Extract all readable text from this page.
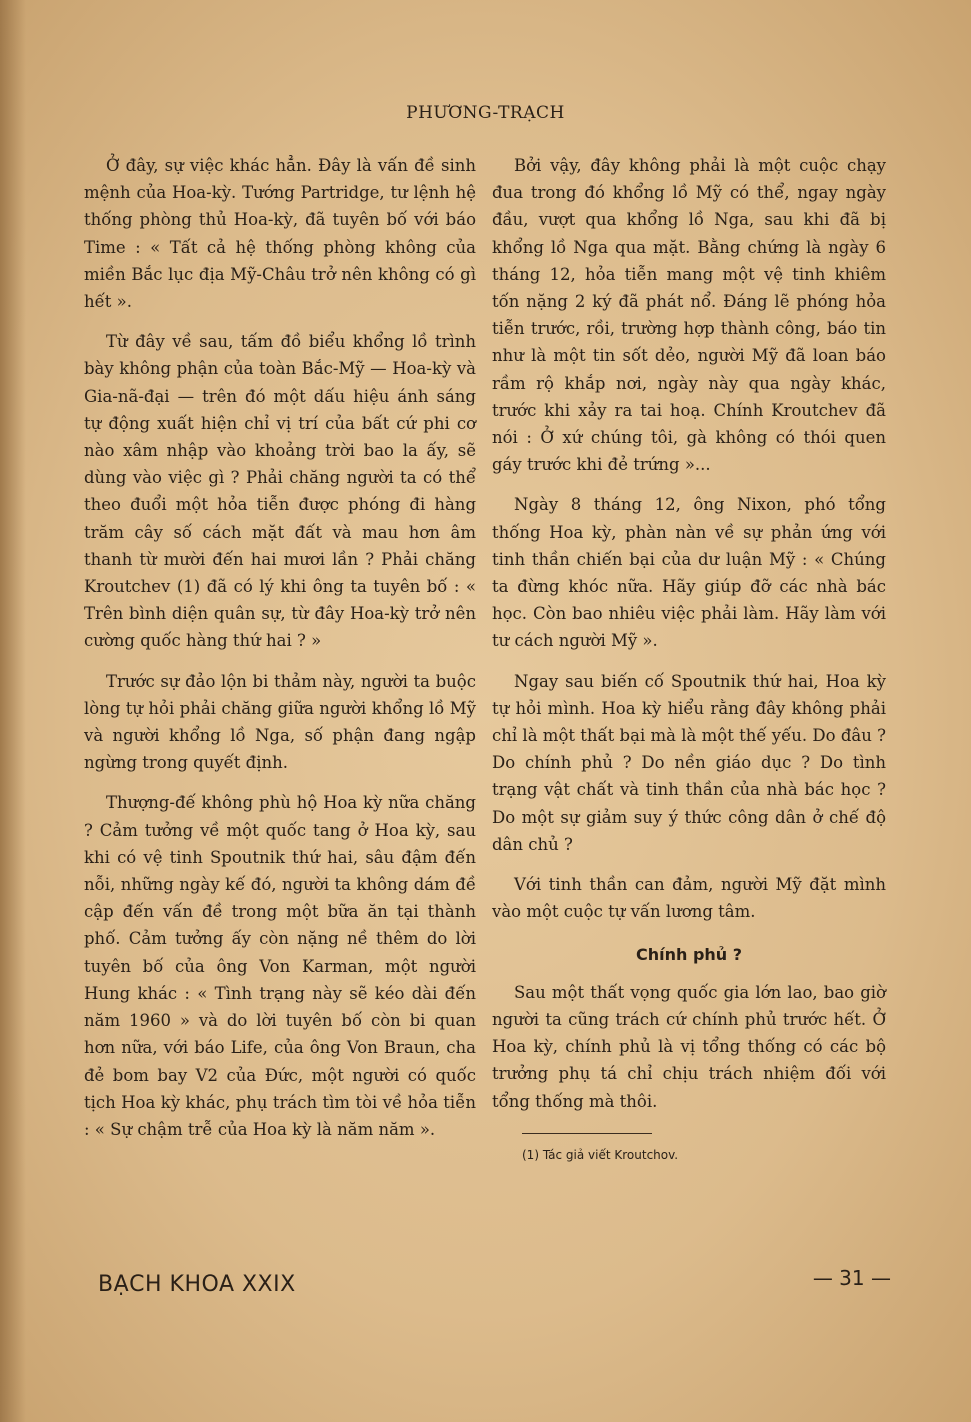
PHƯƠNG-TRẠCH

Ở đây, sự việc khác hẳn. Đây là vấn đề sinh mệnh của Hoa-kỳ. Tướng Partridge, tư lệnh hệ thống phòng thủ Hoa-kỳ, đã tuyên bố với báo Time : « Tất cả hệ thống phòng không của miền Bắc lục địa Mỹ-Châu trở nên không có gì hết ».

Từ đây về sau, tấm đồ biểu khổng lồ trình bày không phận của toàn Bắc-Mỹ — Hoa-kỳ và Gia-nã-đại — trên đó một dấu hiệu ánh sáng tự động xuất hiện chỉ vị trí của bất cứ phi cơ nào xâm nhập vào khoảng trời bao la ấy, sẽ dùng vào việc gì ? Phải chăng người ta có thể theo đuổi một hỏa tiễn được phóng đi hàng trăm cây số cách mặt đất và mau hơn âm thanh từ mười đến hai mươi lần ? Phải chăng Kroutchev (1) đã có lý khi ông ta tuyên bố : « Trên bình diện quân sự, từ đây Hoa-kỳ trở nên cường quốc hàng thứ hai ? »

Trước sự đảo lộn bi thảm này, người ta buộc lòng tự hỏi phải chăng giữa người khổng lồ Mỹ và người khổng lồ Nga, số phận đang ngập ngừng trong quyết định.

Thượng-đế không phù hộ Hoa kỳ nữa chăng ? Cảm tưởng về một quốc tang ở Hoa kỳ, sau khi có vệ tinh Spoutnik thứ hai, sâu đậm đến nỗi, những ngày kế đó, người ta không dám đề cập đến vấn đề trong một bữa ăn tại thành phố. Cảm tưởng ấy còn nặng nề thêm do lời tuyên bố của ông Von Karman, một người Hung khác : « Tình trạng này sẽ kéo dài đến năm 1960 » và do lời tuyên bố còn bi quan hơn nữa, với báo Life, của ông Von Braun, cha đẻ bom bay V2 của Đức, một người có quốc tịch Hoa kỳ khác, phụ trách tìm tòi về hỏa tiễn : « Sự chậm trễ của Hoa kỳ là năm năm ».

Bởi vậy, đây không phải là một cuộc chạy đua trong đó khổng lồ Mỹ có thể, ngay ngày đầu, vượt qua khổng lồ Nga, sau khi đã bị khổng lồ Nga qua mặt. Bằng chứng là ngày 6 tháng 12, hỏa tiễn mang một vệ tinh khiêm tốn nặng 2 ký đã phát nổ. Đáng lẽ phóng hỏa tiễn trước, rồi, trường hợp thành công, báo tin như là một tin sốt dẻo, người Mỹ đã loan báo rầm rộ khắp nơi, ngày này qua ngày khác, trước khi xảy ra tai hoạ. Chính Kroutchev đã nói : Ở xứ chúng tôi, gà không có thói quen gáy trước khi đẻ trứng »...

Ngày 8 tháng 12, ông Nixon, phó tổng thống Hoa kỳ, phàn nàn về sự phản ứng với tinh thần chiến bại của dư luận Mỹ : « Chúng ta đừng khóc nữa. Hãy giúp đỡ các nhà bác học. Còn bao nhiêu việc phải làm. Hãy làm với tư cách người Mỹ ».

Ngay sau biến cố Spoutnik thứ hai, Hoa kỳ tự hỏi mình. Hoa kỳ hiểu rằng đây không phải chỉ là một thất bại mà là một thế yếu. Do đâu ? Do chính phủ ? Do nền giáo dục ? Do tình trạng vật chất và tinh thần của nhà bác học ? Do một sự giảm suy ý thức công dân ở chế độ dân chủ ?

Với tinh thần can đảm, người Mỹ đặt mình vào một cuộc tự vấn lương tâm.

Chính phủ ?

Sau một thất vọng quốc gia lớn lao, bao giờ người ta cũng trách cứ chính phủ trước hết. Ở Hoa kỳ, chính phủ là vị tổng thống có các bộ trưởng phụ tá chỉ chịu trách nhiệm đối với tổng thống mà thôi.

(1) Tác giả viết Kroutchov.
BẠCH KHOA XXIX	— 31 —
